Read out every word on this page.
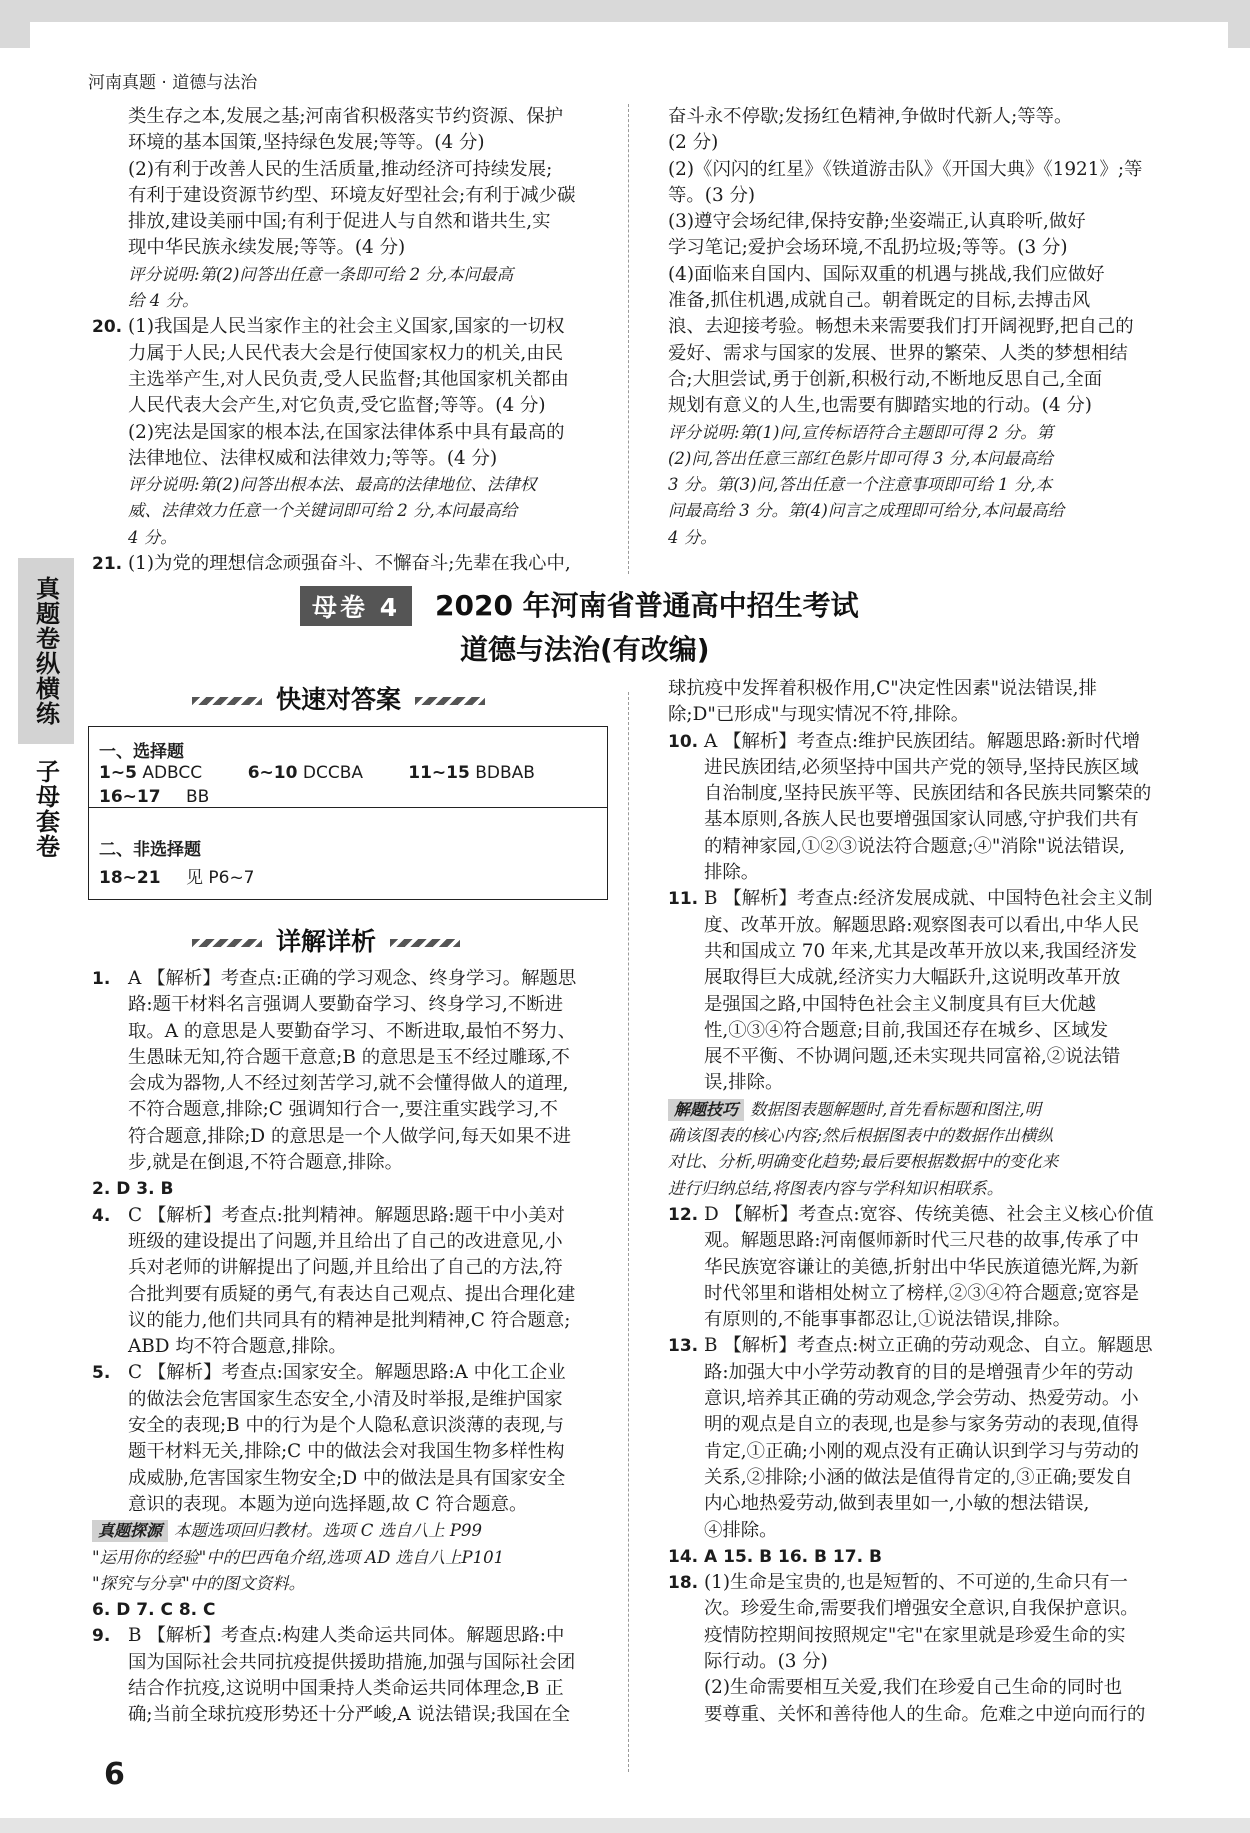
河南真题 · 道德与法治
真题卷纵横练
子母套卷

类生存之本,发展之基;河南省积极落实节约资源、保护

环境的基本国策,坚持绿色发展;等等。(4 分)

(2)有利于改善人民的生活质量,推动经济可持续发展;

有利于建设资源节约型、环境友好型社会;有利于减少碳

排放,建设美丽中国;有利于促进人与自然和谐共生,实

现中华民族永续发展;等等。(4 分)

评分说明:第(2)问答出任意一条即可给 2 分,本问最高

给 4 分。

20. (1)我国是人民当家作主的社会主义国家,国家的一切权

力属于人民;人民代表大会是行使国家权力的机关,由民

主选举产生,对人民负责,受人民监督;其他国家机关都由

人民代表大会产生,对它负责,受它监督;等等。(4 分)

(2)宪法是国家的根本法,在国家法律体系中具有最高的

法律地位、法律权威和法律效力;等等。(4 分)

评分说明:第(2)问答出根本法、最高的法律地位、法律权

威、法律效力任意一个关键词即可给 2 分,本问最高给

4 分。

21. (1)为党的理想信念顽强奋斗、不懈奋斗;先辈在我心中,

奋斗永不停歇;发扬红色精神,争做时代新人;等等。

(2 分)

(2)《闪闪的红星》《铁道游击队》《开国大典》《1921》;等

等。(3 分)

(3)遵守会场纪律,保持安静;坐姿端正,认真聆听,做好

学习笔记;爱护会场环境,不乱扔垃圾;等等。(3 分)

(4)面临来自国内、国际双重的机遇与挑战,我们应做好

准备,抓住机遇,成就自己。朝着既定的目标,去搏击风

浪、去迎接考验。畅想未来需要我们打开阔视野,把自己的

爱好、需求与国家的发展、世界的繁荣、人类的梦想相结

合;大胆尝试,勇于创新,积极行动,不断地反思自己,全面

规划有意义的人生,也需要有脚踏实地的行动。(4 分)

评分说明:第(1)问,宣传标语符合主题即可得 2 分。第

(2)问,答出任意三部红色影片即可得 3 分,本问最高给

3 分。第(3)问,答出任意一个注意事项即可给 1 分,本

问最高给 3 分。第(4)问言之成理即可给分,本问最高给

4 分。

母卷 4	2020 年河南省普通高中招生考试
道德与法治(有改编)
快速对答案
一、选择题
1~5 ADBCC	6~10 DCCBA	11~15 BDBAB
16~17 BB
二、非选择题
18~21 见 P6~7
详解详析

1. A 【解析】考查点:正确的学习观念、终身学习。解题思

路:题干材料名言强调人要勤奋学习、终身学习,不断进

取。A 的意思是人要勤奋学习、不断进取,最怕不努力、

生愚昧无知,符合题干意意;B 的意思是玉不经过雕琢,不

会成为器物,人不经过刻苦学习,就不会懂得做人的道理,

不符合题意,排除;C 强调知行合一,要注重实践学习,不

符合题意,排除;D 的意思是一个人做学问,每天如果不进

步,就是在倒退,不符合题意,排除。

2. D 3. B

4. C 【解析】考查点:批判精神。解题思路:题干中小美对

班级的建设提出了问题,并且给出了自己的改进意见,小

兵对老师的讲解提出了问题,并且给出了自己的方法,符

合批判要有质疑的勇气,有表达自己观点、提出合理化建

议的能力,他们共同具有的精神是批判精神,C 符合题意;

ABD 均不符合题意,排除。

5. C 【解析】考查点:国家安全。解题思路:A 中化工企业

的做法会危害国家生态安全,小清及时举报,是维护国家

安全的表现;B 中的行为是个人隐私意识淡薄的表现,与

题干材料无关,排除;C 中的做法会对我国生物多样性构

成威胁,危害国家生物安全;D 中的做法是具有国家安全

意识的表现。本题为逆向选择题,故 C 符合题意。

真题探源 本题选项回归教材。选项 C 选自八上 P99

"运用你的经验"中的巴西龟介绍,选项 AD 选自八上P101

"探究与分享"中的图文资料。

6. D 7. C 8. C

9. B 【解析】考查点:构建人类命运共同体。解题思路:中

国为国际社会共同抗疫提供援助措施,加强与国际社会团

结合作抗疫,这说明中国秉持人类命运共同体理念,B 正

确;当前全球抗疫形势还十分严峻,A 说法错误;我国在全

球抗疫中发挥着积极作用,C"决定性因素"说法错误,排

除;D"已形成"与现实情况不符,排除。

10. A 【解析】考查点:维护民族团结。解题思路:新时代增

进民族团结,必须坚持中国共产党的领导,坚持民族区域

自治制度,坚持民族平等、民族团结和各民族共同繁荣的

基本原则,各族人民也要增强国家认同感,守护我们共有

的精神家园,①②③说法符合题意;④"消除"说法错误,

排除。

11. B 【解析】考查点:经济发展成就、中国特色社会主义制

度、改革开放。解题思路:观察图表可以看出,中华人民

共和国成立 70 年来,尤其是改革开放以来,我国经济发

展取得巨大成就,经济实力大幅跃升,这说明改革开放

是强国之路,中国特色社会主义制度具有巨大优越

性,①③④符合题意;目前,我国还存在城乡、区域发

展不平衡、不协调问题,还未实现共同富裕,②说法错

误,排除。

解题技巧 数据图表题解题时,首先看标题和图注,明

确该图表的核心内容;然后根据图表中的数据作出横纵

对比、分析,明确变化趋势;最后要根据数据中的变化来

进行归纳总结,将图表内容与学科知识相联系。

12. D 【解析】考查点:宽容、传统美德、社会主义核心价值

观。解题思路:河南偃师新时代三尺巷的故事,传承了中

华民族宽容谦让的美德,折射出中华民族道德光辉,为新

时代邻里和谐相处树立了榜样,②③④符合题意;宽容是

有原则的,不能事事都忍让,①说法错误,排除。

13. B 【解析】考查点:树立正确的劳动观念、自立。解题思

路:加强大中小学劳动教育的目的是增强青少年的劳动

意识,培养其正确的劳动观念,学会劳动、热爱劳动。小

明的观点是自立的表现,也是参与家务劳动的表现,值得

肯定,①正确;小刚的观点没有正确认识到学习与劳动的

关系,②排除;小涵的做法是值得肯定的,③正确;要发自

内心地热爱劳动,做到表里如一,小敏的想法错误,

④排除。

14. A 15. B 16. B 17. B

18. (1)生命是宝贵的,也是短暂的、不可逆的,生命只有一

次。珍爱生命,需要我们增强安全意识,自我保护意识。

疫情防控期间按照规定"宅"在家里就是珍爱生命的实

际行动。(3 分)

(2)生命需要相互关爱,我们在珍爱自己生命的同时也

要尊重、关怀和善待他人的生命。危难之中逆向而行的

6
